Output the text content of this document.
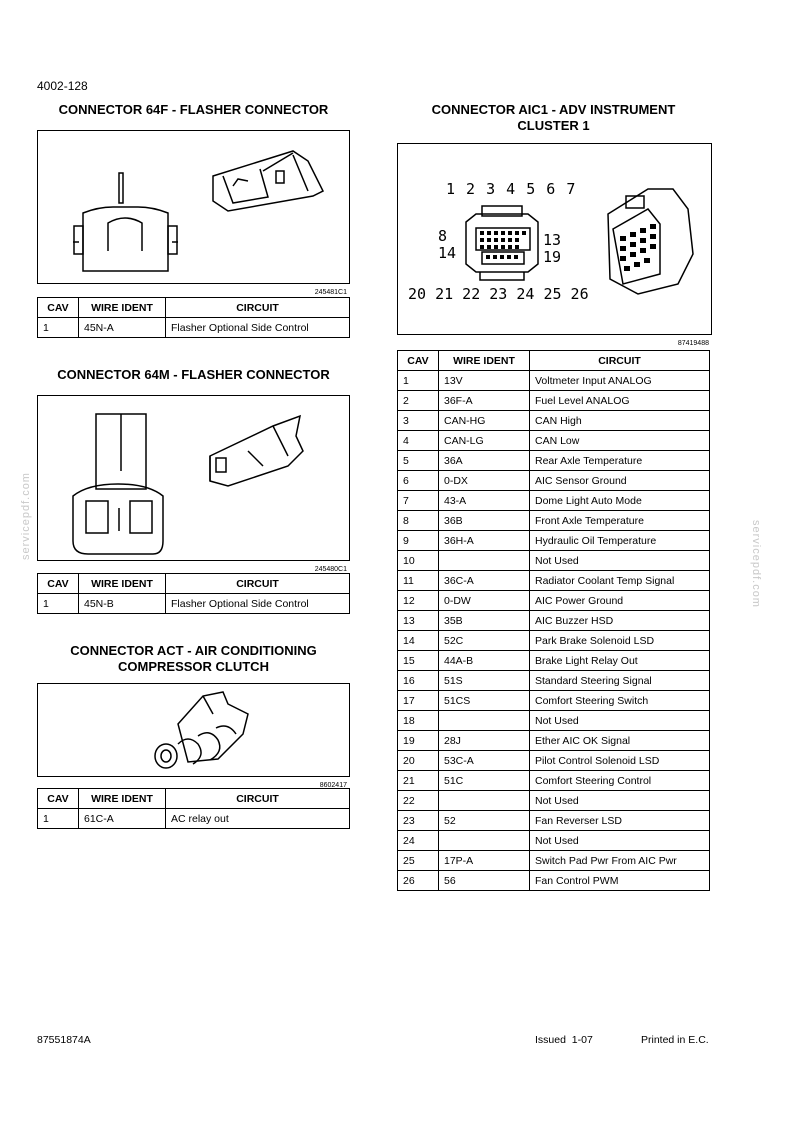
4002-128
CONNECTOR 64F - FLASHER CONNECTOR
245481C1
CAV	WIRE IDENT	CIRCUIT
1	45N-A	Flasher Optional Side Control
CONNECTOR 64M - FLASHER CONNECTOR
245480C1
CAV	WIRE IDENT	CIRCUIT
1	45N-B	Flasher Optional Side Control
CONNECTOR ACT - AIR CONDITIONING
COMPRESSOR CLUTCH
8602417
CAV	WIRE IDENT	CIRCUIT
1	61C-A	AC relay out
CONNECTOR AIC1 - ADV INSTRUMENT
CLUSTER 1
1 2 3 4 5 6 7
8
14
13
19
20 21 22 23 24 25 26
87419488
CAV	WIRE IDENT	CIRCUIT
1	13V	Voltmeter Input ANALOG
2	36F-A	Fuel Level ANALOG
3	CAN-HG	CAN High
4	CAN-LG	CAN Low
5	36A	Rear Axle Temperature
6	0-DX	AIC Sensor Ground
7	43-A	Dome Light Auto Mode
8	36B	Front Axle Temperature
9	36H-A	Hydraulic Oil Temperature
10		Not Used
11	36C-A	Radiator Coolant Temp Signal
12	0-DW	AIC Power Ground
13	35B	AIC Buzzer HSD
14	52C	Park Brake Solenoid LSD
15	44A-B	Brake Light Relay Out
16	51S	Standard Steering Signal
17	51CS	Comfort Steering Switch
18		Not Used
19	28J	Ether AIC OK Signal
20	53C-A	Pilot Control Solenoid LSD
21	51C	Comfort Steering Control
22		Not Used
23	52	Fan Reverser LSD
24		Not Used
25	17P-A	Switch Pad Pwr From AIC Pwr
26	56	Fan Control PWM
servicepdf.com
servicepdf.com
87551874A	Issued  1-07	Printed in E.C.
